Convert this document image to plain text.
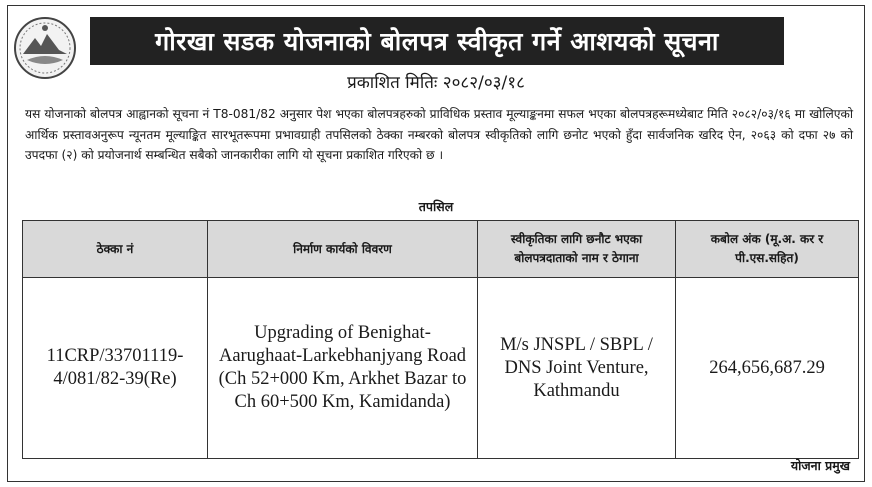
गोरखा सडक योजनाको बोलपत्र स्वीकृत गर्ने आशयको सूचना
प्रकाशित मितिः २०८२/०३/१८
यस योजनाको बोलपत्र आह्वानको सूचना नं T8-081/82 अनुसार पेश भएका बोलपत्रहरुको प्राविधिक प्रस्ताव मूल्याङ्कनमा सफल भएका बोलपत्रहरूमध्येबाट मिति २०८२/०३/१६ मा खोलिएको आर्थिक प्रस्तावअनुरूप न्यूनतम मूल्याङ्कित सारभूतरूपमा प्रभावग्राही तपसिलको ठेक्का नम्बरको बोलपत्र स्वीकृतिको लागि छनोट भएको हुँदा सार्वजनिक खरिद ऐन, २०६३ को दफा २७ को उपदफा (२) को प्रयोजनार्थ सम्बन्धित सबैको जानकारीका लागि यो सूचना प्रकाशित गरिएको छ ।
तपसिल
ठेक्का नं	निर्माण कार्यको विवरण	स्वीकृतिका लागि छनौट भएका बोलपत्रदाताको नाम र ठेगाना	कबोल अंक (मू.अ. कर र पी.एस.सहित)
11CRP/33701119-4/081/82-39(Re)	Upgrading of Benighat-Aarughaat-Larkebhanjyang Road (Ch 52+000 Km, Arkhet Bazar to Ch 60+500 Km, Kamidanda)	M/s JNSPL / SBPL / DNS Joint Venture, Kathmandu	264,656,687.29
योजना प्रमुख
